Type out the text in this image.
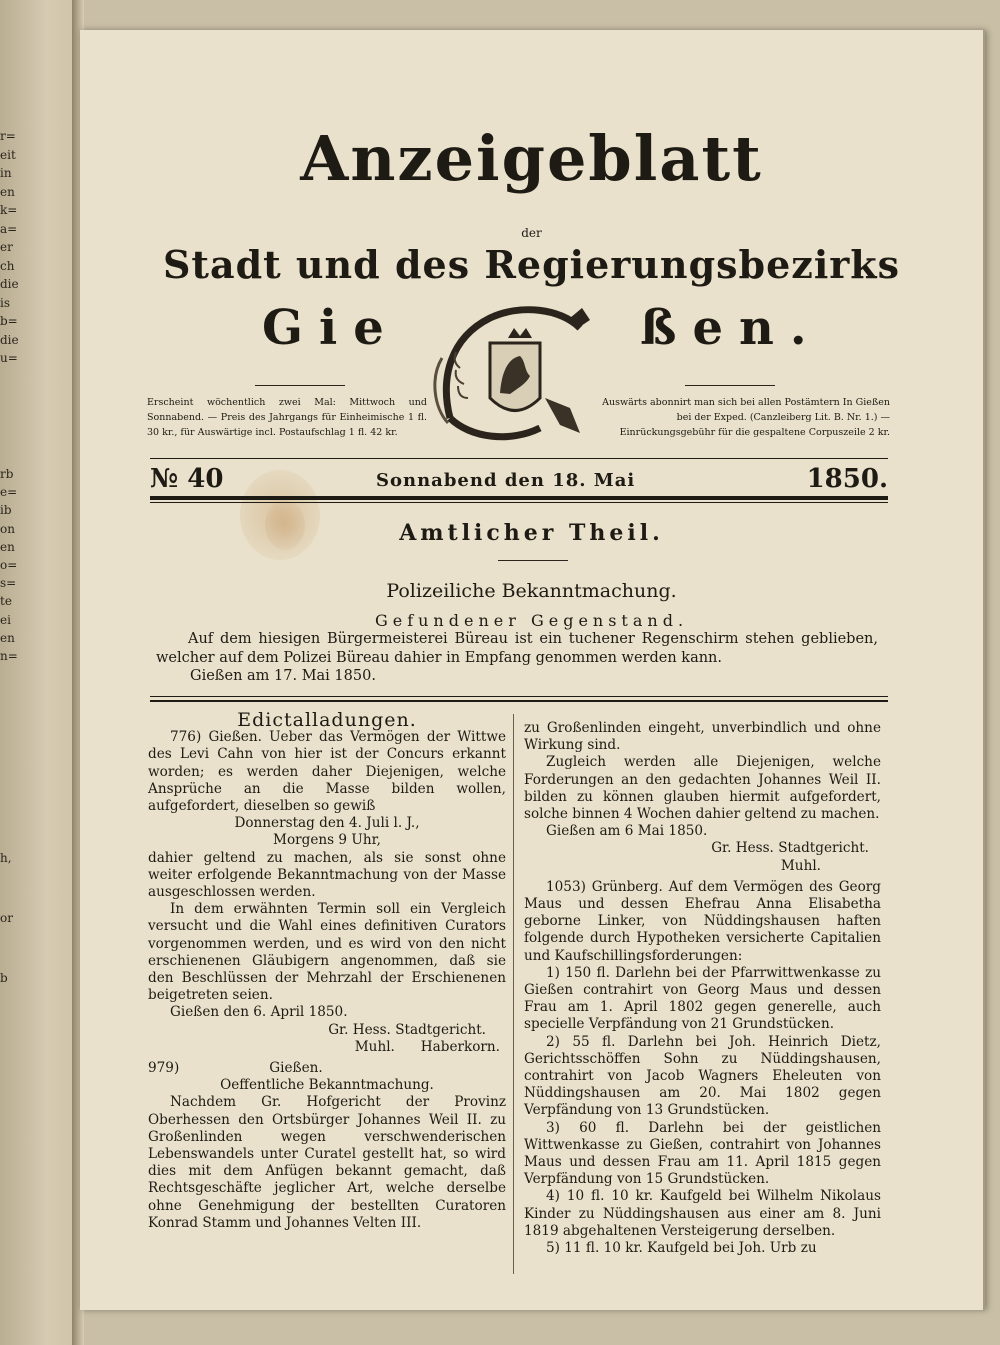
r=
eit
in
en
k=
a=
er
ch
die
is
b=
die
u=
rb
e=
ib
on
en
o=
s=
te
ei
en
n=
h,
or
b
Anzeigeblatt
der
Stadt und des Regierungsbezirks
Gie	ßen.
Erscheint wöchentlich zwei Mal: Mittwoch und Sonnabend. — Preis des Jahrgangs für Einheimische 1 fl. 30 kr., für Auswärtige incl. Postaufschlag 1 fl. 42 kr.
Auswärts abonnirt man sich bei allen Postämtern In Gießen bei der Exped. (Canzleiberg Lit. B. Nr. 1.) — Einrückungsgebühr für die gespaltene Corpuszeile 2 kr.
№ 40	Sonnabend den 18. Mai	1850.
Amtlicher Theil.
Polizeiliche Bekanntmachung.
Gefundener Gegenstand.
Auf dem hiesigen Bürgermeisterei Büreau ist ein tuchener Regenschirm stehen geblieben, welcher auf dem Polizei Büreau dahier in Empfang genommen werden kann.
Gießen am 17. Mai 1850.

Edictalladungen.

776) Gießen. Ueber das Vermögen der Wittwe des Levi Cahn von hier ist der Concurs erkannt worden; es werden daher Diejenigen, welche Ansprüche an die Masse bilden wollen, aufgefordert, dieselben so gewiß

Donnerstag den 4. Juli l. J.,

Morgens 9 Uhr,

dahier geltend zu machen, als sie sonst ohne weiter erfolgende Bekanntmachung von der Masse ausgeschlossen werden.

In dem erwähnten Termin soll ein Vergleich versucht und die Wahl eines definitiven Curators vorgenommen werden, und es wird von den nicht erschienenen Gläubigern angenommen, daß sie den Beschlüssen der Mehrzahl der Erschienenen beigetreten seien.

Gießen den 6. April 1850.

Gr. Hess. Stadtgericht.

Muhl.      Haberkorn.

979)	Gießen.

Oeffentliche Bekanntmachung.

Nachdem Gr. Hofgericht der Provinz Oberhessen den Ortsbürger Johannes Weil II. zu Großenlinden wegen verschwenderischen Lebenswandels unter Curatel gestellt hat, so wird dies mit dem Anfügen bekannt gemacht, daß Rechtsgeschäfte jeglicher Art, welche derselbe ohne Genehmigung der bestellten Curatoren Konrad Stamm und Johannes Velten III.

zu Großenlinden eingeht, unverbindlich und ohne Wirkung sind.

Zugleich werden alle Diejenigen, welche Forderungen an den gedachten Johannes Weil II. bilden zu können glauben hiermit aufgefordert, solche binnen 4 Wochen dahier geltend zu machen.

Gießen am 6 Mai 1850.

Gr. Hess. Stadtgericht.

Muhl.

1053) Grünberg. Auf dem Vermögen des Georg Maus und dessen Ehefrau Anna Elisabetha geborne Linker, von Nüddingshausen haften folgende durch Hypotheken versicherte Capitalien und Kaufschillingsforderungen:

1) 150 fl. Darlehn bei der Pfarrwittwenkasse zu Gießen contrahirt von Georg Maus und dessen Frau am 1. April 1802 gegen generelle, auch specielle Verpfändung von 21 Grundstücken.

2) 55 fl. Darlehn bei Joh. Heinrich Dietz, Gerichtsschöffen Sohn zu Nüddingshausen, contrahirt von Jacob Wagners Eheleuten von Nüddingshausen am 20. Mai 1802 gegen Verpfändung von 13 Grundstücken.

3) 60 fl. Darlehn bei der geistlichen Wittwenkasse zu Gießen, contrahirt von Johannes Maus und dessen Frau am 11. April 1815 gegen Verpfändung von 15 Grundstücken.

4) 10 fl. 10 kr. Kaufgeld bei Wilhelm Nikolaus Kinder zu Nüddingshausen aus einer am 8. Juni 1819 abgehaltenen Versteigerung derselben.

5) 11 fl. 10 kr. Kaufgeld bei Joh. Urb zu
